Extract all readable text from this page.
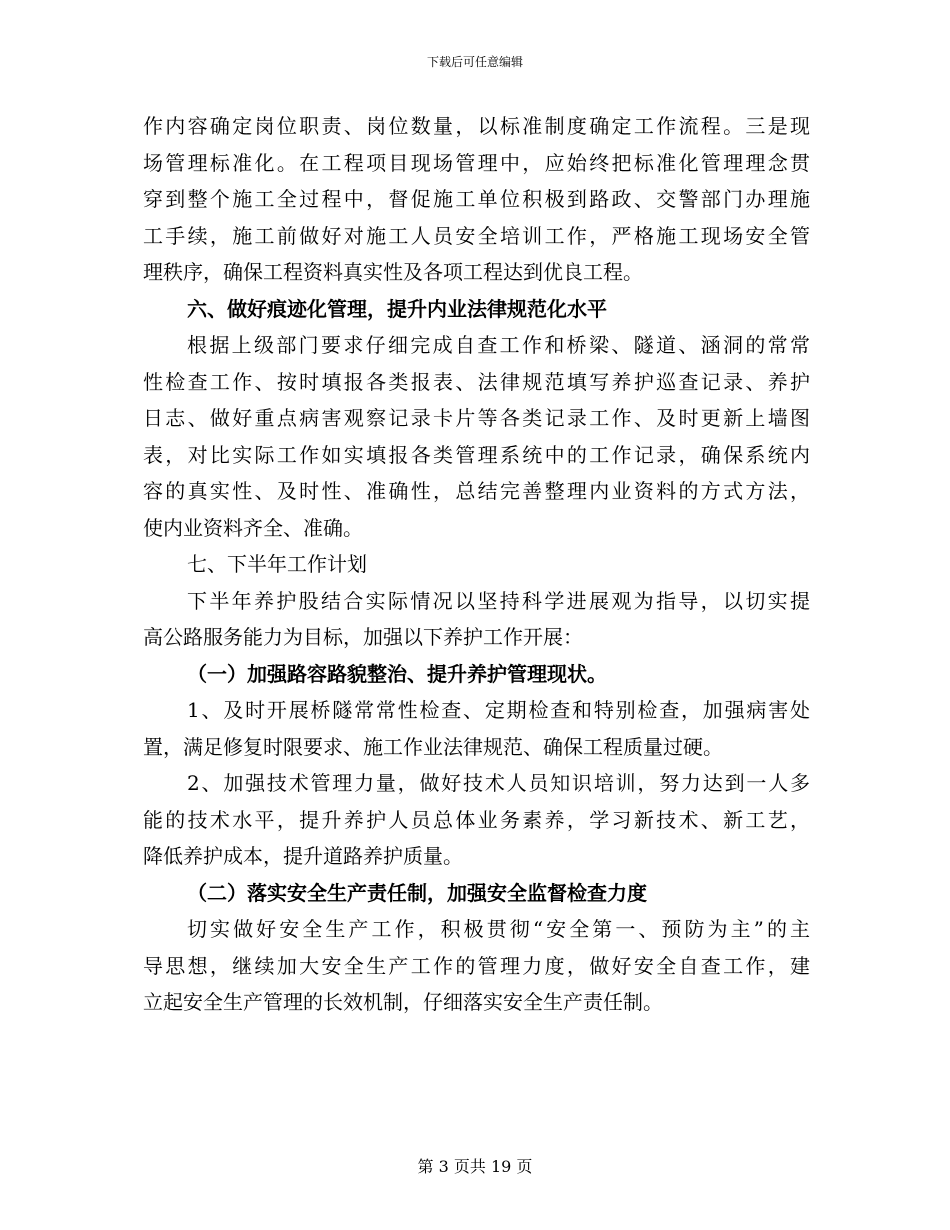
下载后可任意编辑
作内容确定岗位职责、岗位数量，以标准制度确定工作流程。三是现
场管理标准化。在工程项目现场管理中，应始终把标准化管理理念贯
穿到整个施工全过程中，督促施工单位积极到路政、交警部门办理施
工手续，施工前做好对施工人员安全培训工作，严格施工现场安全管
理秩序，确保工程资料真实性及各项工程达到优良工程。
六、做好痕迹化管理，提升内业法律规范化水平
根据上级部门要求仔细完成自查工作和桥梁、隧道、涵洞的常常
性检查工作、按时填报各类报表、法律规范填写养护巡查记录、养护
日志、做好重点病害观察记录卡片等各类记录工作、及时更新上墙图
表，对比实际工作如实填报各类管理系统中的工作记录，确保系统内
容的真实性、及时性、准确性，总结完善整理内业资料的方式方法，
使内业资料齐全、准确。
七、下半年工作计划
下半年养护股结合实际情况以坚持科学进展观为指导，以切实提
高公路服务能力为目标，加强以下养护工作开展：
（一）加强路容路貌整治、提升养护管理现状。
1、及时开展桥隧常常性检查、定期检查和特别检查，加强病害处
置，满足修复时限要求、施工作业法律规范、确保工程质量过硬。
2、加强技术管理力量，做好技术人员知识培训，努力达到一人多
能的技术水平，提升养护人员总体业务素养，学习新技术、新工艺，
降低养护成本，提升道路养护质量。
（二）落实安全生产责任制，加强安全监督检查力度
切实做好安全生产工作，积极贯彻“安全第一、预防为主”的主
导思想，继续加大安全生产工作的管理力度，做好安全自查工作，建
立起安全生产管理的长效机制，仔细落实安全生产责任制。
第 3 页共 19 页
